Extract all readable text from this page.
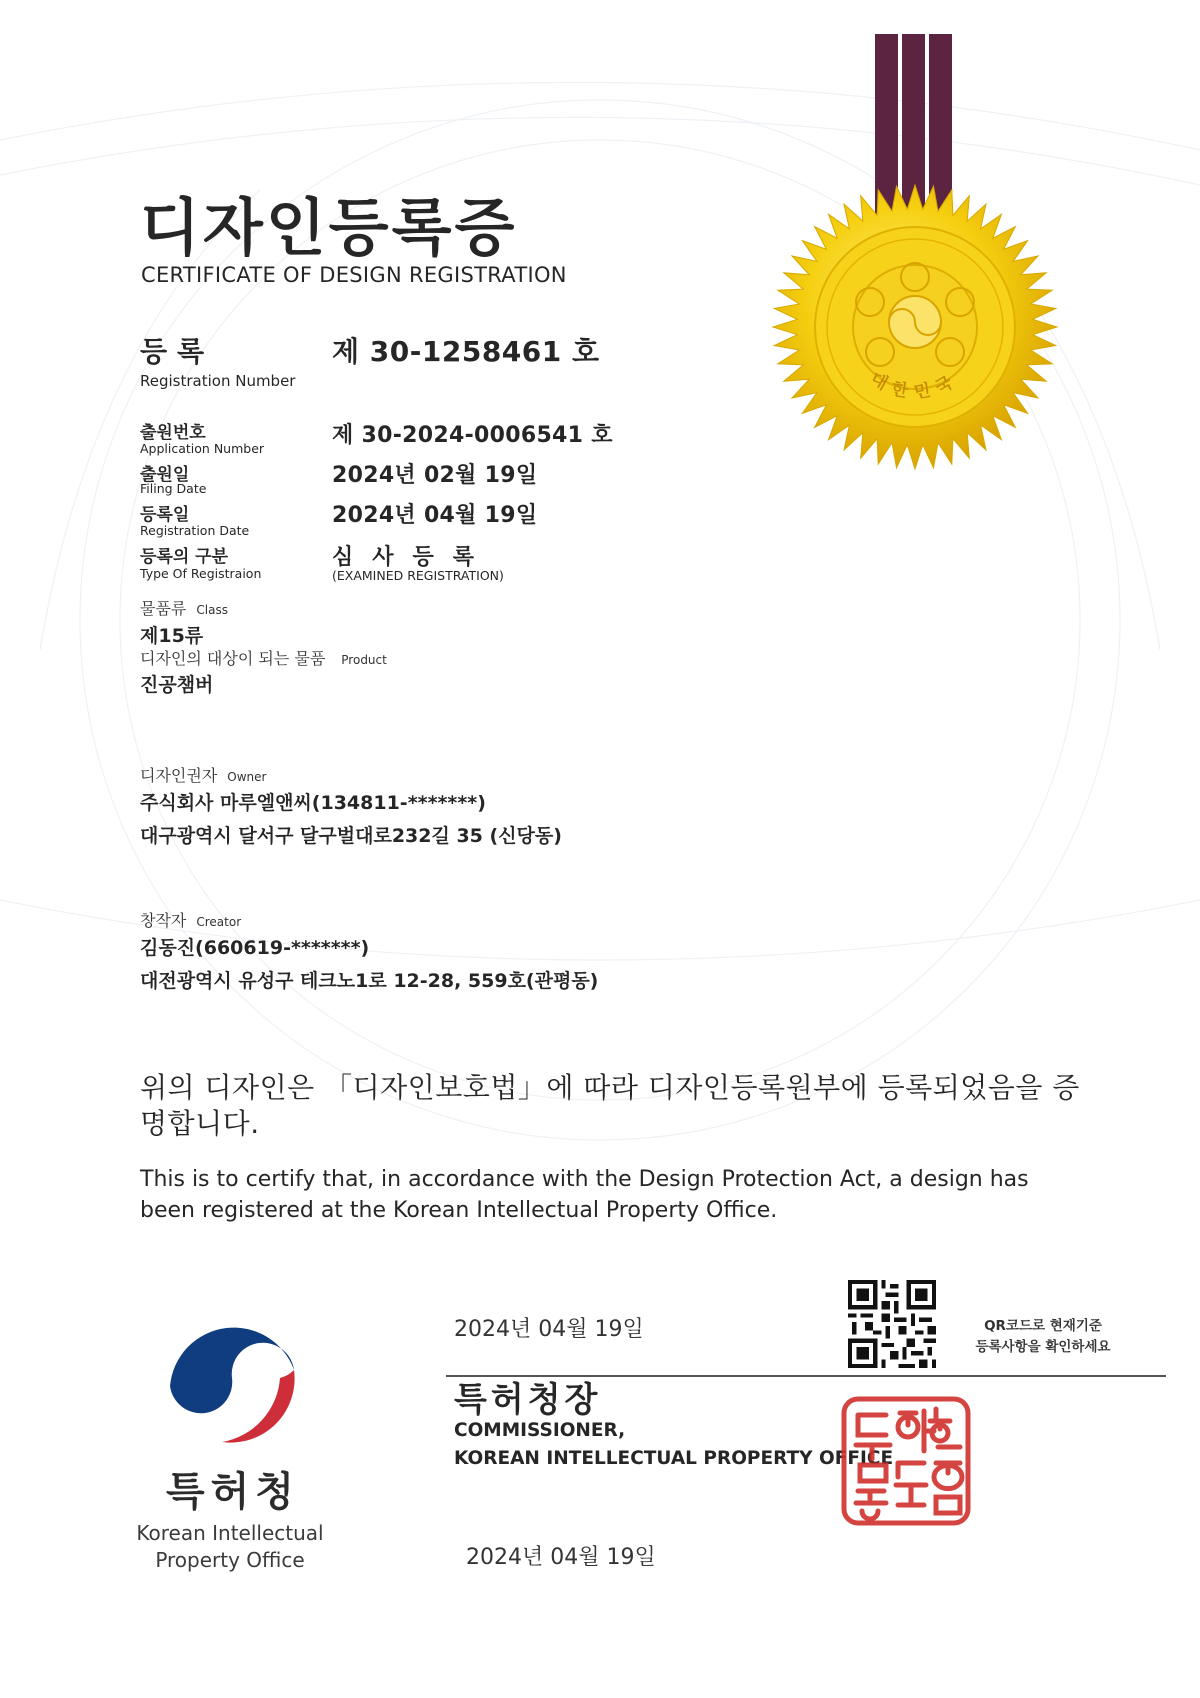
대한민국
디자인등록증
CERTIFICATE OF DESIGN REGISTRATION
등록
Registration Number
제 30-1258461 호
출원번호
Application Number
제 30-2024-0006541 호
출원일
Filing Date
2024년 02월 19일
등록일
Registration Date
2024년 04월 19일
등록의 구분
Type Of Registraion
심사등록
(EXAMINED REGISTRATION)
물품류 Class
제15류
디자인의 대상이 되는 물품 Product
진공챔버
디자인권자 Owner
주식회사 마루엘앤씨(134811-*******)
대구광역시 달서구 달구벌대로232길 35 (신당동)
창작자 Creator
김동진(660619-*******)
대전광역시 유성구 테크노1로 12-28, 559호(관평동)
위의 디자인은 「디자인보호법」에 따라 디자인등록원부에 등록되었음을 증명합니다.
This is to certify that, in accordance with the Design Protection Act, a design has been registered at the Korean Intellectual Property Office.
2024년 04월 19일	QR코드로 현재기준
등록사항을 확인하세요
특허청장
COMMISSIONER,
KOREAN INTELLECTUAL PROPERTY OFFICE
2024년 04월 19일
특허청
Korean Intellectual
Property Office
